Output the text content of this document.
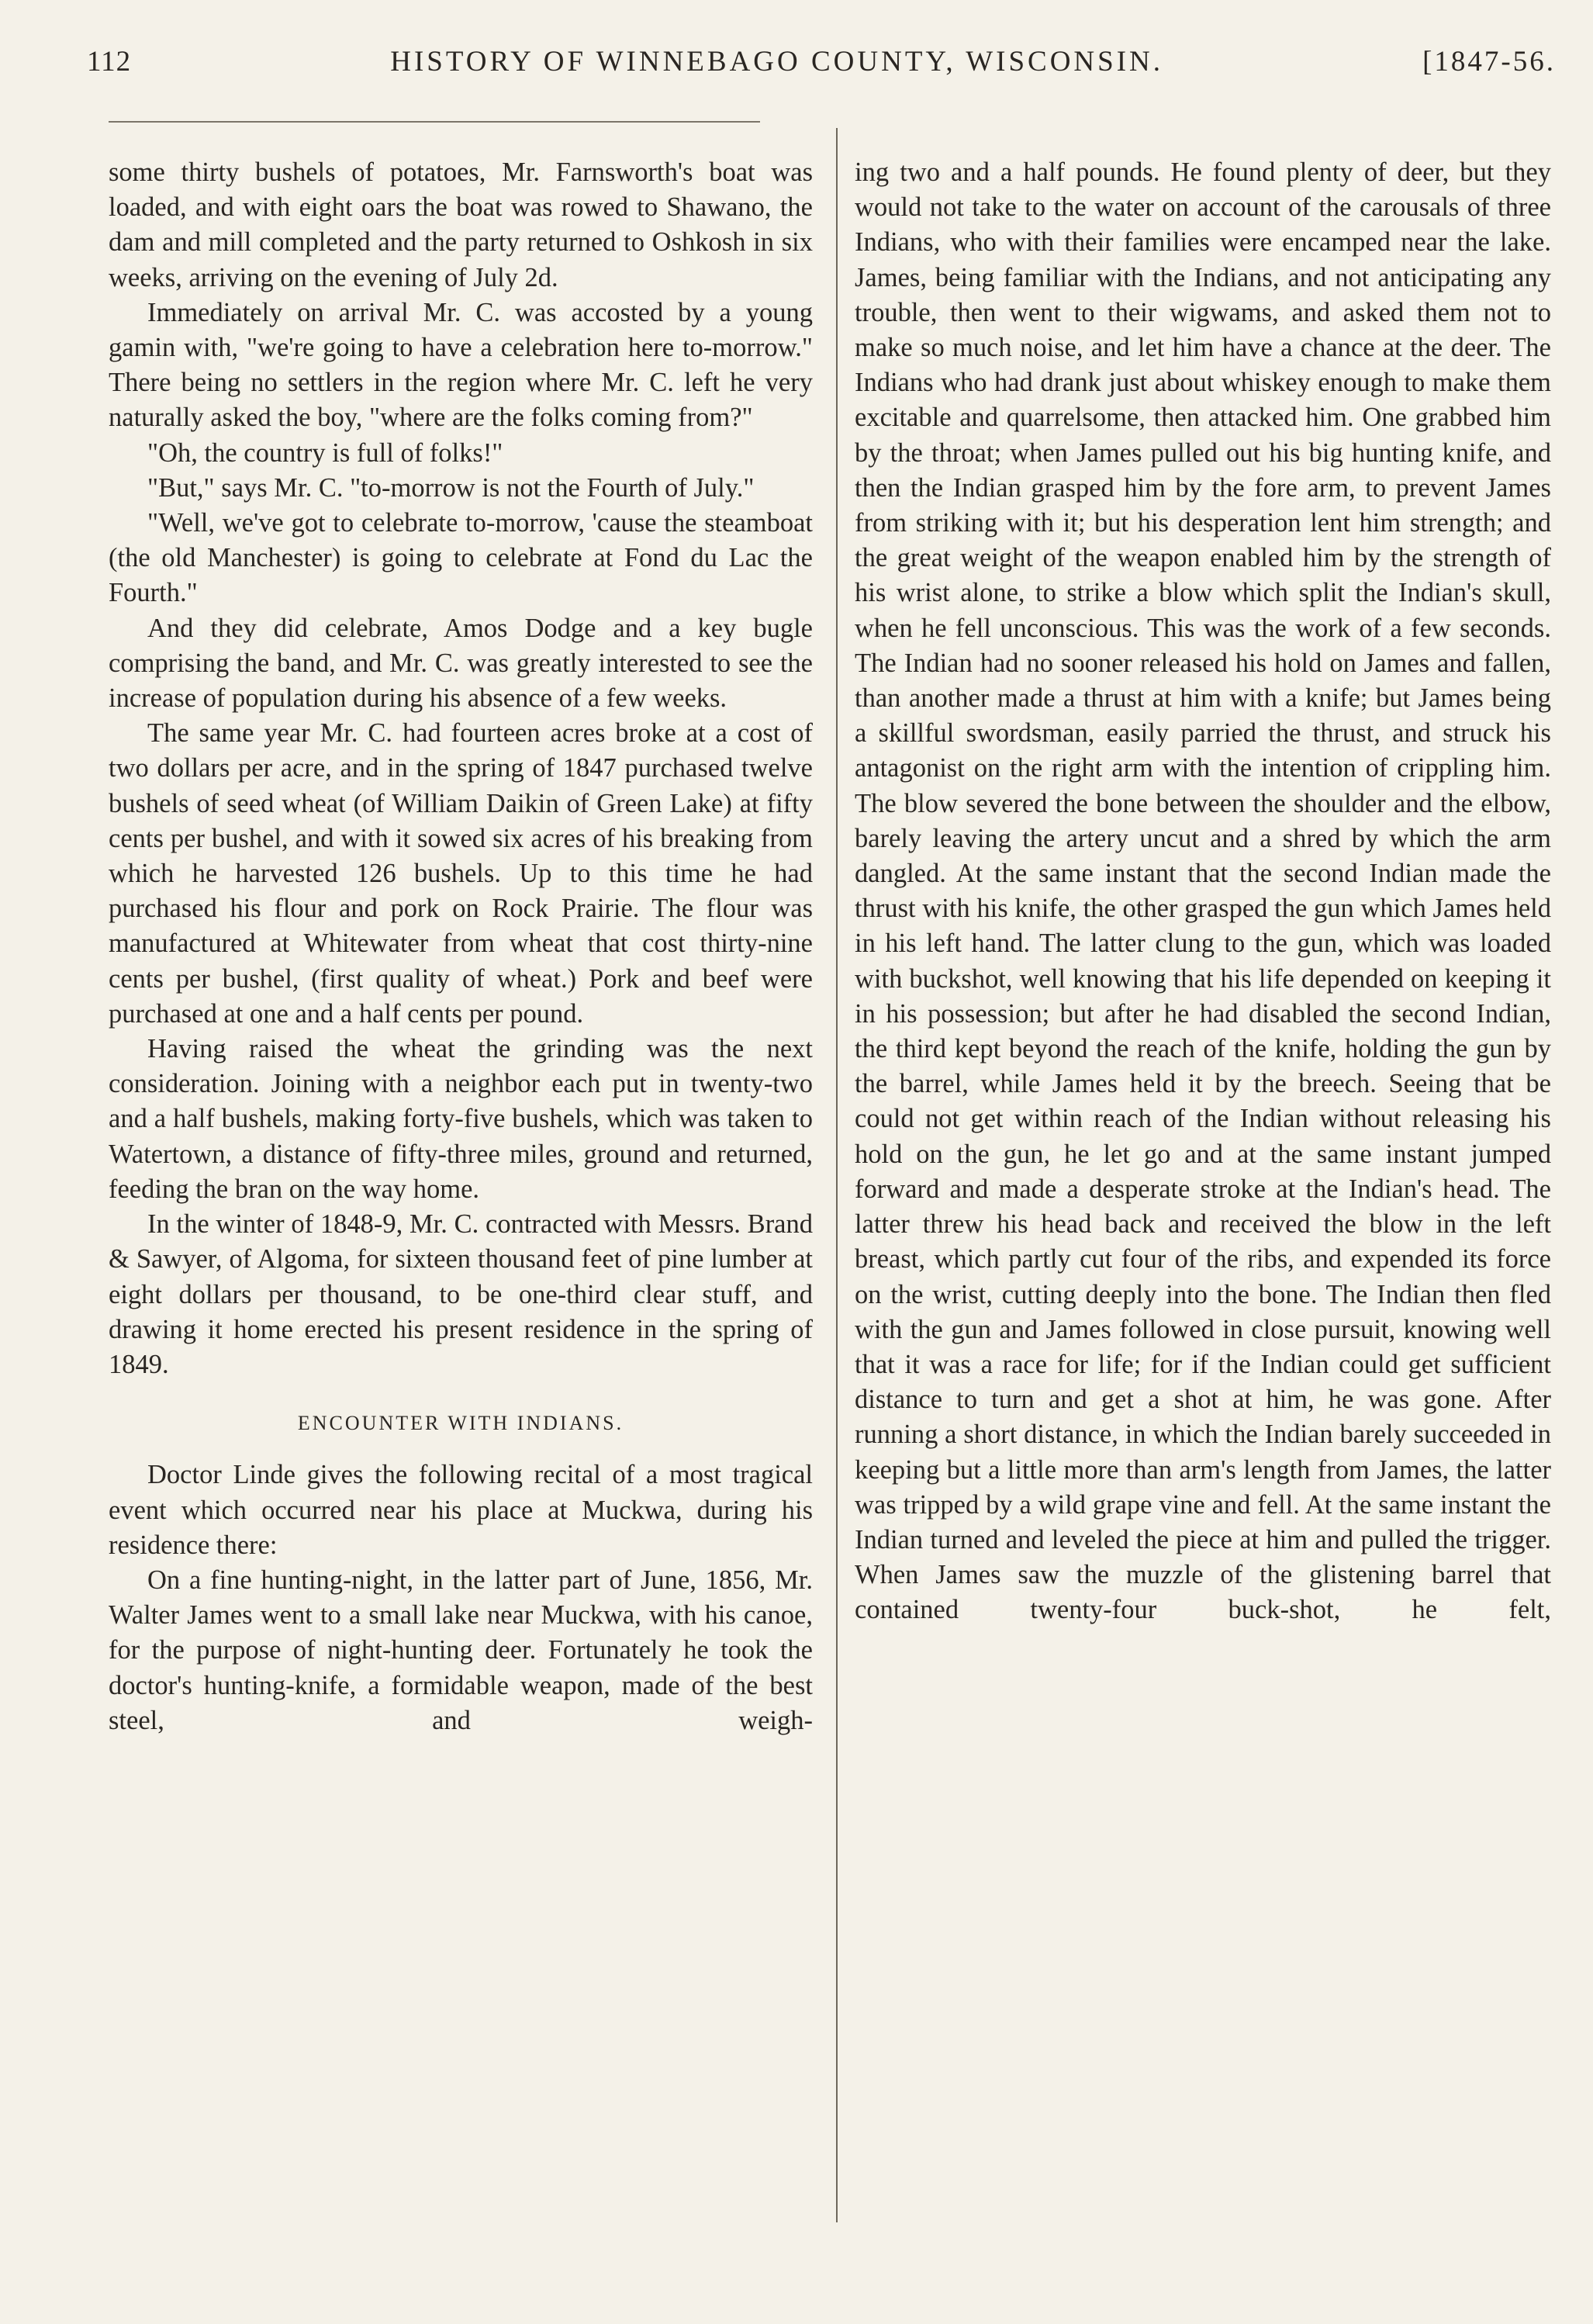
112	HISTORY OF WINNEBAGO COUNTY, WISCONSIN.	[1847-56.

some thirty bushels of potatoes, Mr. Farnsworth's boat was loaded, and with eight oars the boat was rowed to Shawano, the dam and mill completed and the party returned to Oshkosh in six weeks, arriving on the evening of July 2d.

Immediately on arrival Mr. C. was accosted by a young gamin with, "we're going to have a celebration here to-morrow." There being no settlers in the region where Mr. C. left he very naturally asked the boy, "where are the folks coming from?"

"Oh, the country is full of folks!"

"But," says Mr. C. "to-morrow is not the Fourth of July."

"Well, we've got to celebrate to-morrow, 'cause the steamboat (the old Manchester) is going to celebrate at Fond du Lac the Fourth."

And they did celebrate, Amos Dodge and a key bugle comprising the band, and Mr. C. was greatly interested to see the increase of population during his absence of a few weeks.

The same year Mr. C. had fourteen acres broke at a cost of two dollars per acre, and in the spring of 1847 purchased twelve bushels of seed wheat (of William Daikin of Green Lake) at fifty cents per bushel, and with it sowed six acres of his breaking from which he harvested 126 bushels. Up to this time he had purchased his flour and pork on Rock Prairie. The flour was manufactured at Whitewater from wheat that cost thirty-nine cents per bushel, (first quality of wheat.) Pork and beef were purchased at one and a half cents per pound.

Having raised the wheat the grinding was the next consideration. Joining with a neighbor each put in twenty-two and a half bushels, making forty-five bushels, which was taken to Watertown, a distance of fifty-three miles, ground and returned, feeding the bran on the way home.

In the winter of 1848-9, Mr. C. contracted with Messrs. Brand & Sawyer, of Algoma, for sixteen thousand feet of pine lumber at eight dollars per thousand, to be one-third clear stuff, and drawing it home erected his present residence in the spring of 1849.

ENCOUNTER WITH INDIANS.

Doctor Linde gives the following recital of a most tragical event which occurred near his place at Muckwa, during his residence there:

On a fine hunting-night, in the latter part of June, 1856, Mr. Walter James went to a small lake near Muckwa, with his canoe, for the purpose of night-hunting deer. Fortunately he took the doctor's hunting-knife, a formidable weapon, made of the best steel, and weigh-

ing two and a half pounds. He found plenty of deer, but they would not take to the water on account of the carousals of three Indians, who with their families were encamped near the lake. James, being familiar with the Indians, and not anticipating any trouble, then went to their wigwams, and asked them not to make so much noise, and let him have a chance at the deer. The Indians who had drank just about whiskey enough to make them excitable and quarrelsome, then attacked him. One grabbed him by the throat; when James pulled out his big hunting knife, and then the Indian grasped him by the fore arm, to prevent James from striking with it; but his desperation lent him strength; and the great weight of the weapon enabled him by the strength of his wrist alone, to strike a blow which split the Indian's skull, when he fell unconscious. This was the work of a few seconds. The Indian had no sooner released his hold on James and fallen, than another made a thrust at him with a knife; but James being a skillful swordsman, easily parried the thrust, and struck his antagonist on the right arm with the intention of crippling him. The blow severed the bone between the shoulder and the elbow, barely leaving the artery uncut and a shred by which the arm dangled. At the same instant that the second Indian made the thrust with his knife, the other grasped the gun which James held in his left hand. The latter clung to the gun, which was loaded with buckshot, well knowing that his life depended on keeping it in his possession; but after he had disabled the second Indian, the third kept beyond the reach of the knife, holding the gun by the barrel, while James held it by the breech. Seeing that be could not get within reach of the Indian without releasing his hold on the gun, he let go and at the same instant jumped forward and made a desperate stroke at the Indian's head. The latter threw his head back and received the blow in the left breast, which partly cut four of the ribs, and expended its force on the wrist, cutting deeply into the bone. The Indian then fled with the gun and James followed in close pursuit, knowing well that it was a race for life; for if the Indian could get sufficient distance to turn and get a shot at him, he was gone. After running a short distance, in which the Indian barely succeeded in keeping but a little more than arm's length from James, the latter was tripped by a wild grape vine and fell. At the same instant the Indian turned and leveled the piece at him and pulled the trigger. When James saw the muzzle of the glistening barrel that contained twenty-four buck-shot, he felt,
